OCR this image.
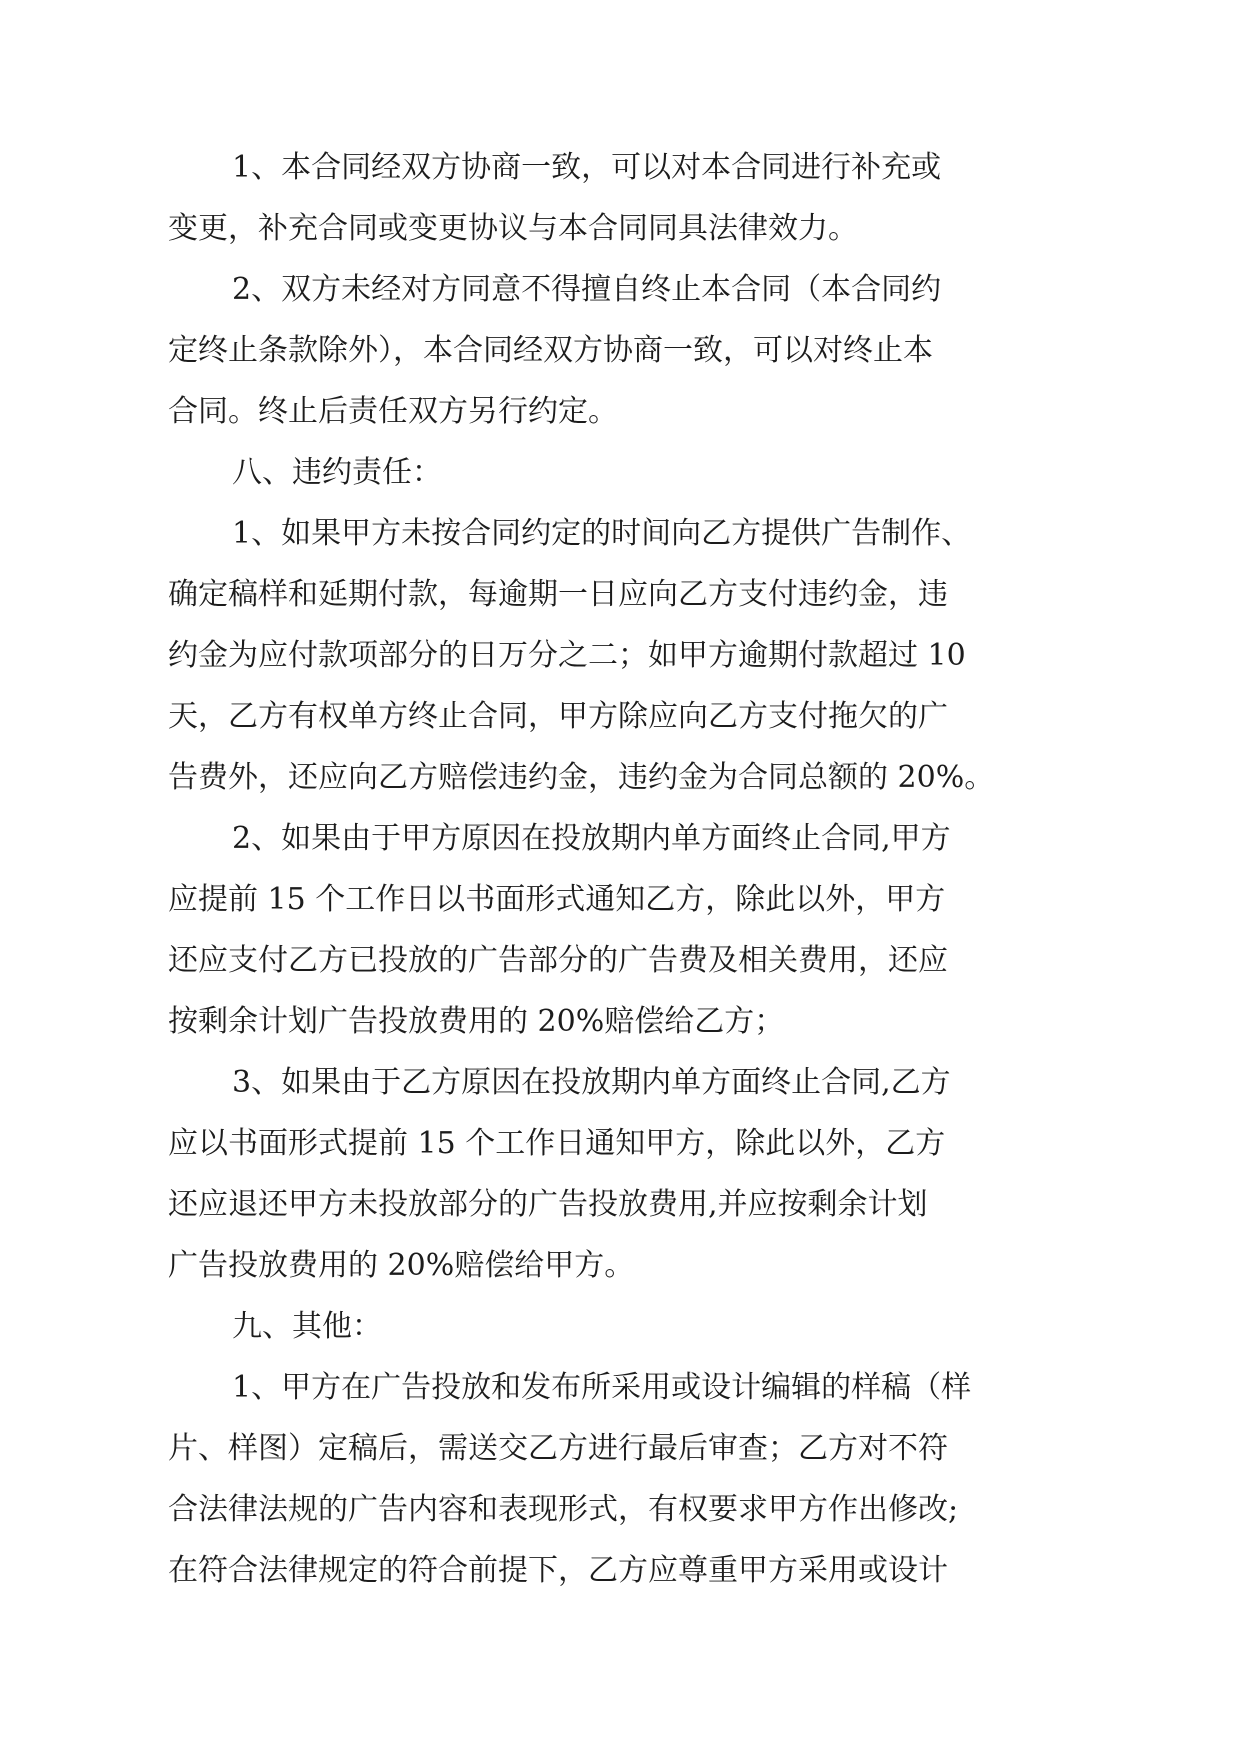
1、本合同经双方协商一致，可以对本合同进行补充或

变更，补充合同或变更协议与本合同同具法律效力。

2、双方未经对方同意不得擅自终止本合同（本合同约

定终止条款除外），本合同经双方协商一致，可以对终止本

合同。终止后责任双方另行约定。

八、违约责任：

1、如果甲方未按合同约定的时间向乙方提供广告制作、

确定稿样和延期付款，每逾期一日应向乙方支付违约金，违

约金为应付款项部分的日万分之二；如甲方逾期付款超过 10

天，乙方有权单方终止合同，甲方除应向乙方支付拖欠的广

告费外，还应向乙方赔偿违约金，违约金为合同总额的 20%。

2、如果由于甲方原因在投放期内单方面终止合同,甲方

应提前 15 个工作日以书面形式通知乙方，除此以外，甲方

还应支付乙方已投放的广告部分的广告费及相关费用，还应

按剩余计划广告投放费用的 20%赔偿给乙方；

3、如果由于乙方原因在投放期内单方面终止合同,乙方

应以书面形式提前 15 个工作日通知甲方，除此以外，乙方

还应退还甲方未投放部分的广告投放费用,并应按剩余计划

广告投放费用的 20%赔偿给甲方。

九、其他：

1、甲方在广告投放和发布所采用或设计编辑的样稿（样

片、样图）定稿后，需送交乙方进行最后审查；乙方对不符

合法律法规的广告内容和表现形式，有权要求甲方作出修改;

在符合法律规定的符合前提下，乙方应尊重甲方采用或设计
